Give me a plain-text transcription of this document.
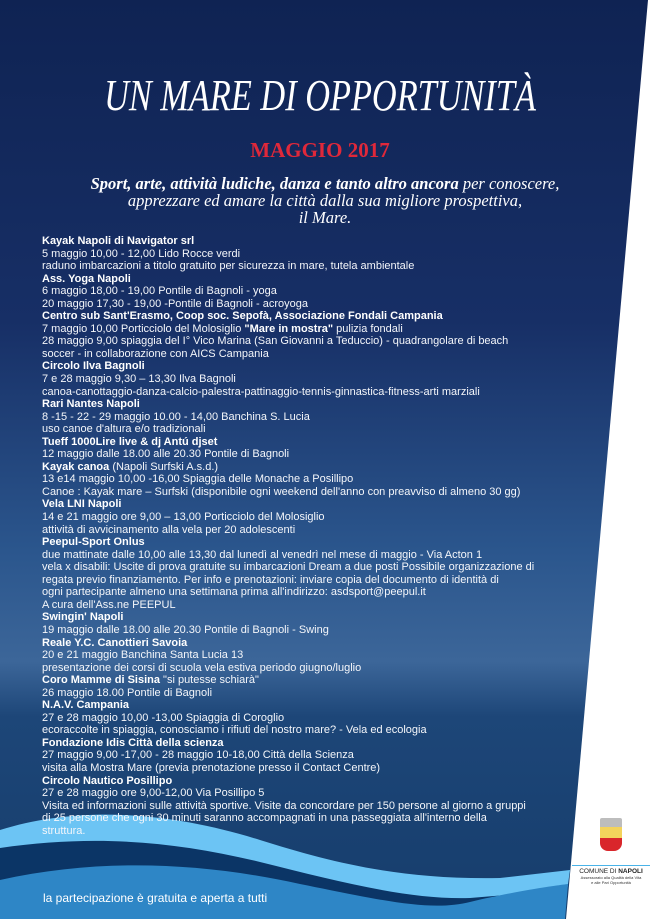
UN MARE DI OPPORTUNITÀ
MAGGIO 2017
Sport, arte, attività ludiche, danza e tanto altro ancora per conoscere,
apprezzare ed amare la città dalla sua migliore prospettiva,
il Mare.
Kayak Napoli di Navigator srl
5 maggio 10,00 - 12,00 Lido Rocce verdi
raduno imbarcazioni a titolo gratuito per sicurezza in mare, tutela ambientale
Ass. Yoga Napoli
6 maggio 18,00 - 19,00 Pontile di Bagnoli - yoga
20 maggio 17,30 - 19,00 -Pontile di Bagnoli - acroyoga
Centro sub Sant'Erasmo, Coop soc. Sepofà, Associazione Fondali Campania
7 maggio 10,00 Porticciolo del Molosiglio "Mare in mostra" pulizia fondali
28 maggio 9,00 spiaggia del I° Vico Marina (San Giovanni a Teduccio) - quadrangolare di beach
soccer - in collaborazione con AICS Campania
Circolo Ilva Bagnoli
7 e 28 maggio 9,30 – 13,30 Ilva Bagnoli
canoa-canottaggio-danza-calcio-palestra-pattinaggio-tennis-ginnastica-fitness-arti marziali
Rari Nantes Napoli
8 -15 - 22 - 29 maggio 10.00 - 14,00 Banchina S. Lucia
uso canoe d'altura e/o tradizionali
Tueff 1000Lire live & dj Antú djset
12 maggio dalle 18.00 alle 20.30 Pontile di Bagnoli
Kayak canoa (Napoli Surfski A.s.d.)
13 e14 maggio 10,00 -16,00 Spiaggia delle Monache a Posillipo
Canoe : Kayak mare – Surfski (disponibile ogni weekend dell'anno con preavviso di almeno 30 gg)
Vela LNI Napoli
14 e 21 maggio ore 9,00 – 13,00 Porticciolo del Molosiglio
attività di avvicinamento alla vela per 20 adolescenti
Peepul-Sport Onlus
due mattinate dalle 10,00 alle 13,30 dal lunedì al venedrì nel mese di maggio - Via Acton 1
vela x disabili: Uscite di prova gratuite su imbarcazioni Dream a due posti Possibile organizzazione di
regata previo finanziamento. Per info e prenotazioni: inviare copia del documento di identità di
ogni partecipante almeno una settimana prima all'indirizzo: asdsport@peepul.it
A cura dell'Ass.ne PEEPUL
Swingin' Napoli
19 maggio dalle 18.00 alle 20.30 Pontile di Bagnoli - Swing
Reale Y.C. Canottieri Savoia
20 e 21 maggio Banchina Santa Lucia 13
presentazione dei corsi di scuola vela estiva periodo giugno/luglio
Coro Mamme di Sisina "si putesse schiarà"
26 maggio 18.00 Pontile di Bagnoli
N.A.V. Campania
27 e 28 maggio 10,00 -13,00 Spiaggia di Coroglio
ecoraccolte in spiaggia, conosciamo i rifiuti del nostro mare? - Vela ed ecologia
Fondazione Idis Città della scienza
27 maggio 9,00 -17,00 - 28 maggio 10-18,00 Città della Scienza
visita alla Mostra Mare (previa prenotazione presso il Contact Centre)
Circolo Nautico Posillipo
27 e 28 maggio ore 9,00-12,00 Via Posillipo 5
Visita ed informazioni sulle attività sportive. Visite da concordare per 150 persone al giorno a gruppi
di 25 persone che ogni 30 minuti saranno accompagnati in una passeggiata all'interno della
struttura.
la partecipazione è gratuita e aperta a tutti
COMUNE DI NAPOLI
Assessorato alla Qualità della Vita
e alle Pari Opportunità
